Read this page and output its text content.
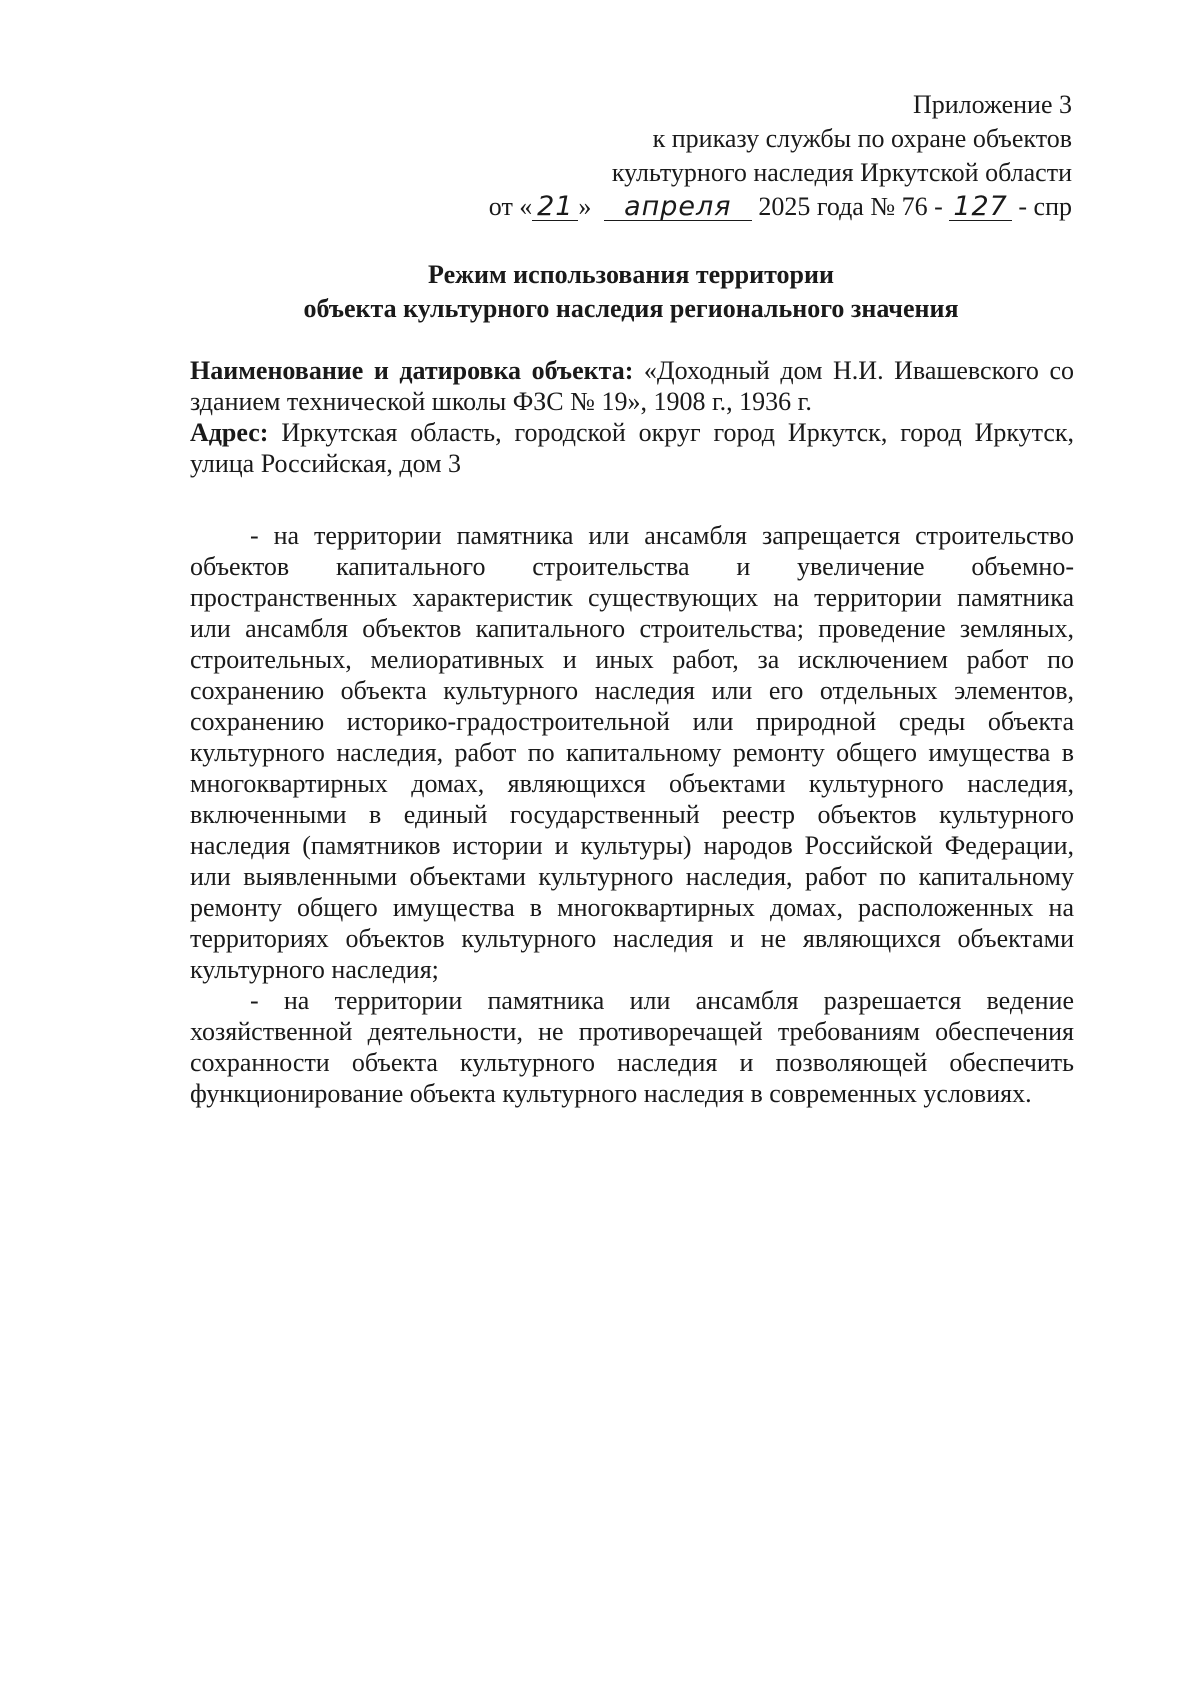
Приложение 3
к приказу службы по охране объектов
культурного наследия Иркутской области
от « 21 » апреля 2025 года № 76 - 127 - спр
Режим использования территории
объекта культурного наследия регионального значения

Наименование и датировка объекта: «Доходный дом Н.И. Ивашевского со зданием технической школы ФЗС № 19», 1908 г., 1936 г.

Адрес: Иркутская область, городской округ город Иркутск, город Иркутск, улица Российская, дом 3

- на территории памятника или ансамбля запрещается строительство объектов капитального строительства и увеличение объемно-пространственных характеристик существующих на территории памятника или ансамбля объектов капитального строительства; проведение земляных, строительных, мелиоративных и иных работ, за исключением работ по сохранению объекта культурного наследия или его отдельных элементов, сохранению историко-градостроительной или природной среды объекта культурного наследия, работ по капитальному ремонту общего имущества в многоквартирных домах, являющихся объектами культурного наследия, включенными в единый государственный реестр объектов культурного наследия (памятников истории и культуры) народов Российской Федерации, или выявленными объектами культурного наследия, работ по капитальному ремонту общего имущества в многоквартирных домах, расположенных на территориях объектов культурного наследия и не являющихся объектами культурного наследия;

- на территории памятника или ансамбля разрешается ведение хозяйственной деятельности, не противоречащей требованиям обеспечения сохранности объекта культурного наследия и позволяющей обеспечить функционирование объекта культурного наследия в современных условиях.
